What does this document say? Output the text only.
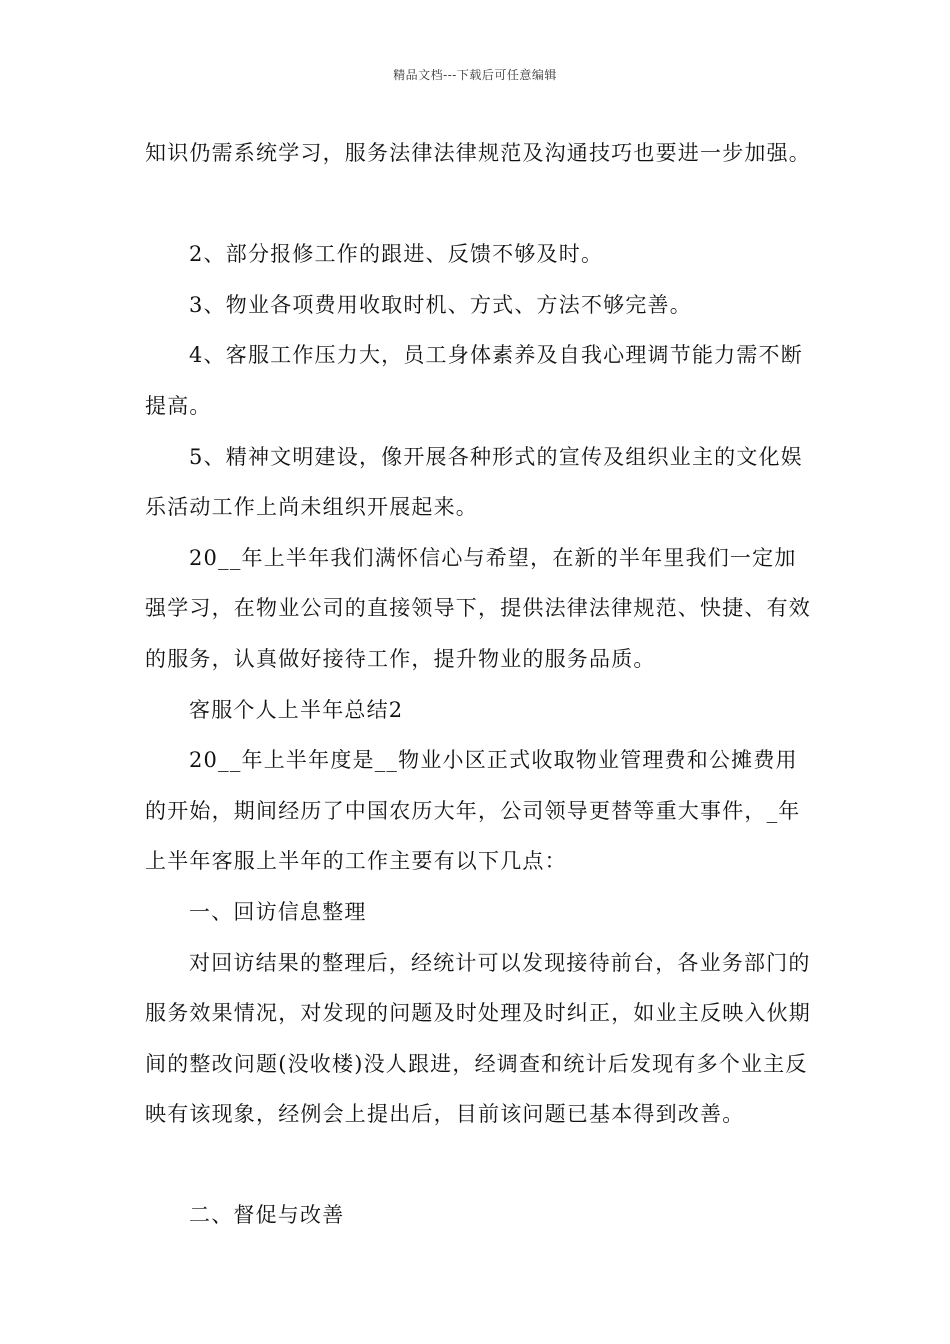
精品文档---下载后可任意编辑

知识仍需系统学习，服务法律法律规范及沟通技巧也要进一步加强。

2、部分报修工作的跟进、反馈不够及时。

3、物业各项费用收取时机、方式、方法不够完善。

4、客服工作压力大，员工身体素养及自我心理调节能力需不断提高。

5、精神文明建设，像开展各种形式的宣传及组织业主的文化娱乐活动工作上尚未组织开展起来。

20__年上半年我们满怀信心与希望，在新的半年里我们一定加强学习，在物业公司的直接领导下，提供法律法律规范、快捷、有效的服务，认真做好接待工作，提升物业的服务品质。

客服个人上半年总结2

20__年上半年度是__物业小区正式收取物业管理费和公摊费用的开始，期间经历了中国农历大年，公司领导更替等重大事件，_年上半年客服上半年的工作主要有以下几点：

一、回访信息整理

对回访结果的整理后，经统计可以发现接待前台，各业务部门的服务效果情况，对发现的问题及时处理及时纠正，如业主反映入伙期间的整改问题(没收楼)没人跟进，经调查和统计后发现有多个业主反映有该现象，经例会上提出后，目前该问题已基本得到改善。

二、督促与改善
